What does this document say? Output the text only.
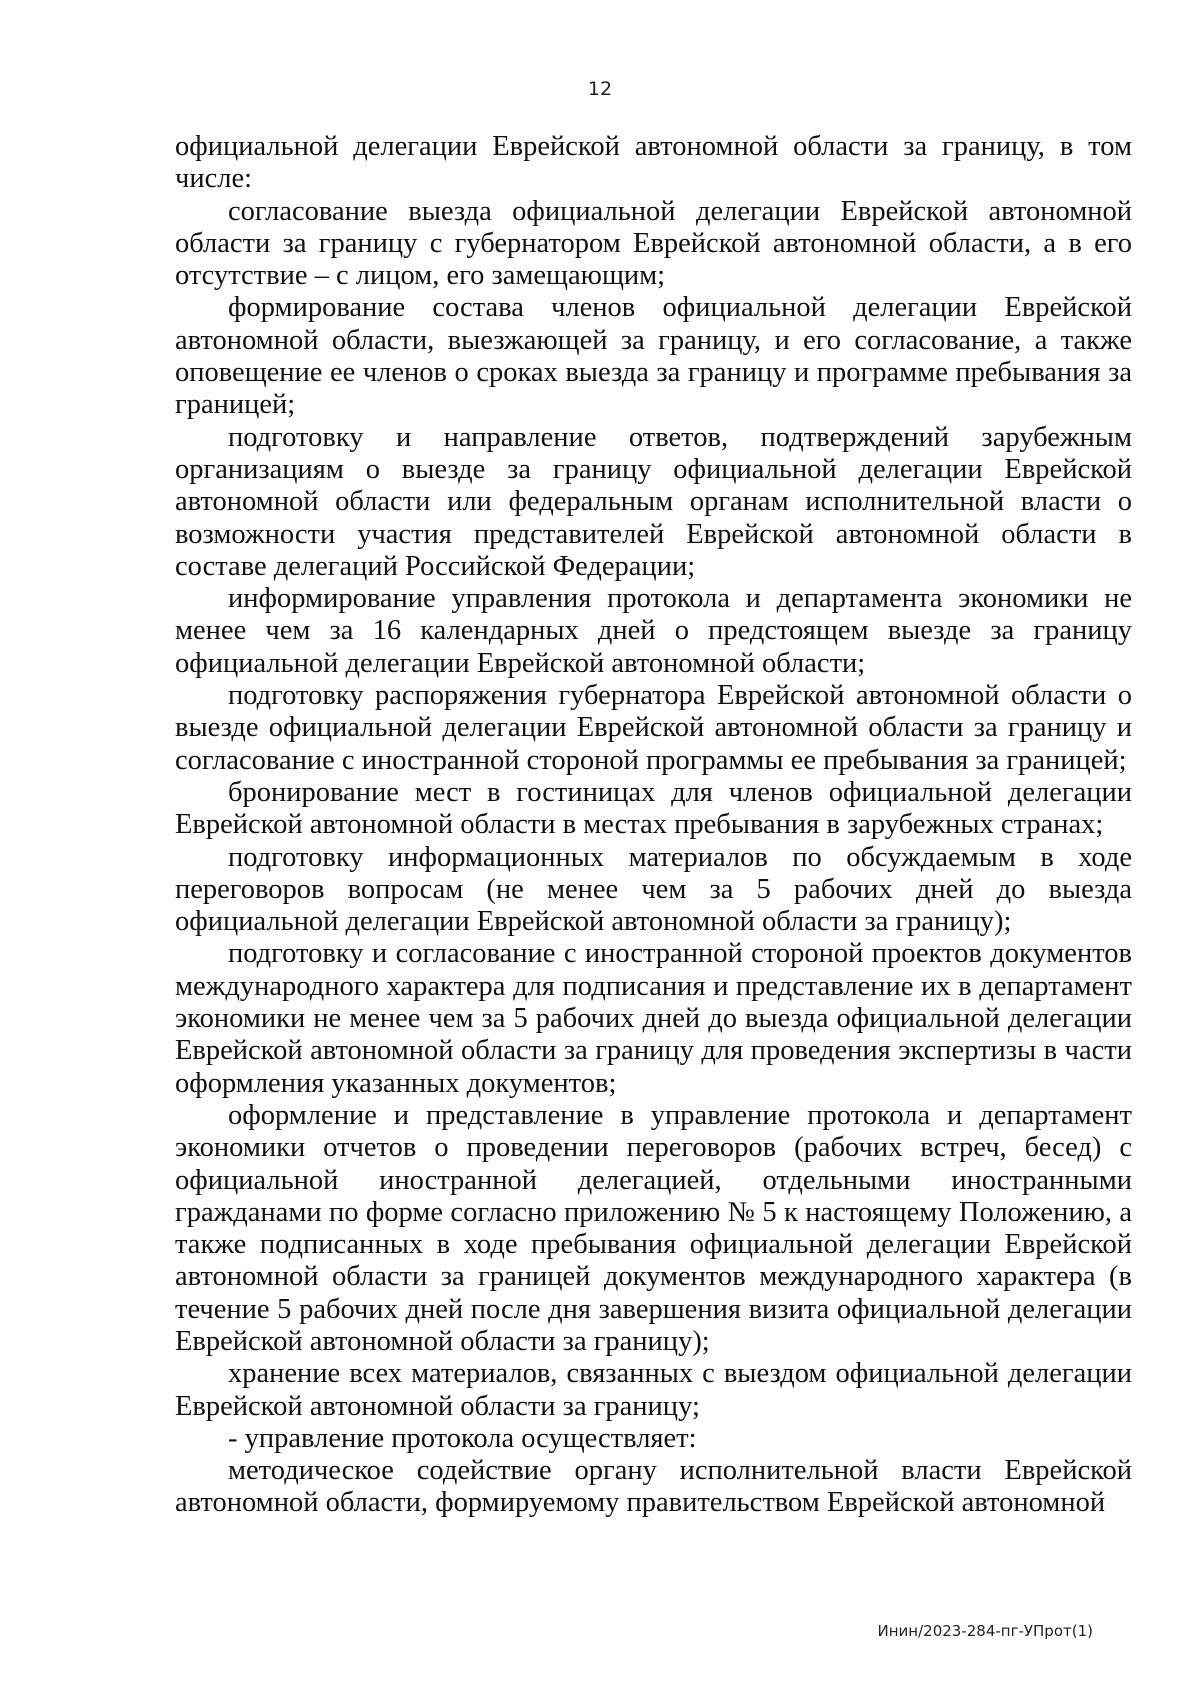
12

официальной делегации Еврейской автономной области за границу, в том числе:

согласование выезда официальной делегации Еврейской автономной области за границу с губернатором Еврейской автономной области, а в его отсутствие – с лицом, его замещающим;

формирование состава членов официальной делегации Еврейской автономной области, выезжающей за границу, и его согласование, а также оповещение ее членов о сроках выезда за границу и программе пребывания за границей;

подготовку и направление ответов, подтверждений зарубежным организациям о выезде за границу официальной делегации Еврейской автономной области или федеральным органам исполнительной власти о возможности участия представителей Еврейской автономной области в составе делегаций Российской Федерации;

информирование управления протокола и департамента экономики не менее чем за 16 календарных дней о предстоящем выезде за границу официальной делегации Еврейской автономной области;

подготовку распоряжения губернатора Еврейской автономной области о выезде официальной делегации Еврейской автономной области за границу и согласование с иностранной стороной программы ее пребывания за границей;

бронирование мест в гостиницах для членов официальной делегации Еврейской автономной области в местах пребывания в зарубежных странах;

подготовку информационных материалов по обсуждаемым в ходе переговоров вопросам (не менее чем за 5 рабочих дней до выезда официальной делегации Еврейской автономной области за границу);

подготовку и согласование с иностранной стороной проектов документов международного характера для подписания и представление их в департамент экономики не менее чем за 5 рабочих дней до выезда официальной делегации Еврейской автономной области за границу для проведения экспертизы в части оформления указанных документов;

оформление и представление в управление протокола и департамент экономики отчетов о проведении переговоров (рабочих встреч, бесед) с официальной иностранной делегацией, отдельными иностранными гражданами по форме согласно приложению № 5 к настоящему Положению, а также подписанных в ходе пребывания официальной делегации Еврейской автономной области за границей документов международного характера (в течение 5 рабочих дней после дня завершения визита официальной делегации Еврейской автономной области за границу);

хранение всех материалов, связанных с выездом официальной делегации Еврейской автономной области за границу;

- управление протокола осуществляет:

методическое содействие органу исполнительной власти Еврейской автономной области, формируемому правительством Еврейской автономной

Инин/2023-284-пг-УПрот(1)
